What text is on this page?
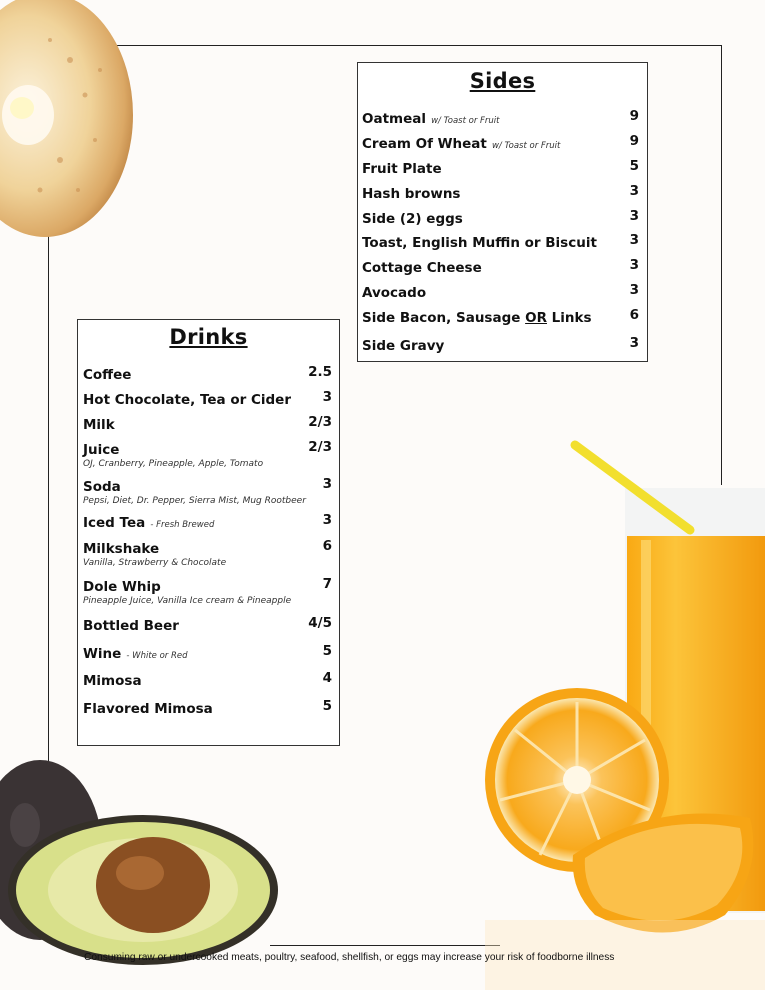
Sides
Oatmeal w/ Toast or Fruit	9
Cream Of Wheat w/ Toast or Fruit	9
Fruit Plate	5
Hash browns	3
Side (2) eggs	3
Toast, English Muffin or Biscuit 3
Cottage Cheese	3
Avocado	3
Side Bacon, Sausage OR Links	6
Side Gravy	3
Drinks
Coffee	2.5
Hot Chocolate, Tea or Cider 3
Milk	2/3
Juice	2/3
OJ, Cranberry, Pineapple, Apple, Tomato
Soda	3
Pepsi, Diet, Dr. Pepper, Sierra Mist, Mug Rootbeer
Iced Tea - Fresh Brewed	3
Milkshake	6
Vanilla, Strawberry & Chocolate
Dole Whip	7
Pineapple Juice, Vanilla Ice cream & Pineapple
Bottled Beer	4/5
Wine - White or Red	5
Mimosa	4
Flavored Mimosa	5
Consuming raw or undercooked meats, poultry, seafood, shellfish, or eggs may increase your risk of foodborne illness
